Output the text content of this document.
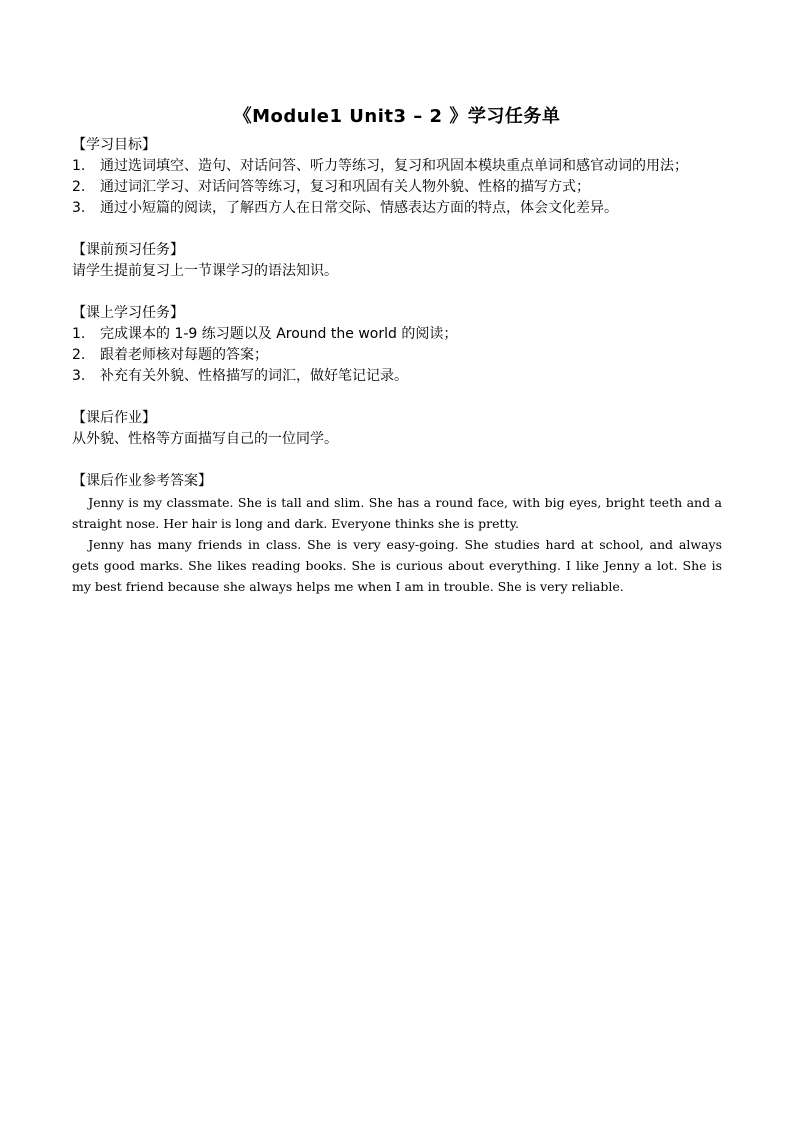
《Module1 Unit3 – 2 》学习任务单

【学习目标】

1. 通过选词填空、造句、对话问答、听力等练习，复习和巩固本模块重点单词和感官动词的用法；
2. 通过词汇学习、对话问答等练习，复习和巩固有关人物外貌、性格的描写方式；
3. 通过小短篇的阅读，了解西方人在日常交际、情感表达方面的特点，体会文化差异。

【课前预习任务】

请学生提前复习上一节课学习的语法知识。

【课上学习任务】

1. 完成课本的 1-9 练习题以及 Around the world 的阅读；
2. 跟着老师核对每题的答案；
3. 补充有关外貌、性格描写的词汇，做好笔记记录。

【课后作业】

从外貌、性格等方面描写自己的一位同学。

【课后作业参考答案】

Jenny is my classmate. She is tall and slim. She has a round face, with big eyes, bright teeth and a straight nose. Her hair is long and dark. Everyone thinks she is pretty.

Jenny has many friends in class. She is very easy-going. She studies hard at school, and always gets good marks. She likes reading books. She is curious about everything. I like Jenny a lot. She is my best friend because she always helps me when I am in trouble. She is very reliable.
